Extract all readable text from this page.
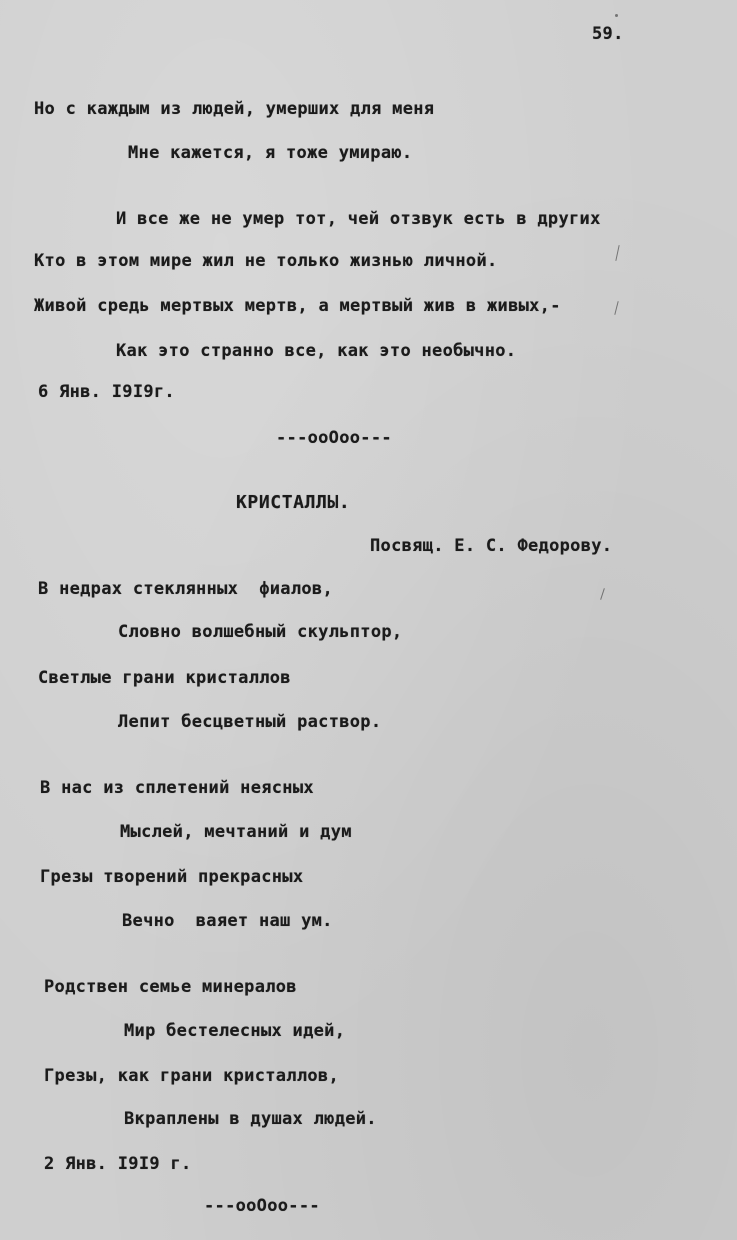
59.
Но с каждым из людей, умерших для меня
Мне кажется, я тоже умираю.
И все же не умер тот, чей отзвук есть в других
Кто в этом мире жил не только жизнью личной.
Живой средь мертвых мертв, а мертвый жив в живых,-
Как это странно все, как это необычно.
6 Янв. I9I9г.
---ooOoo---
КРИСТАЛЛЫ.
Посвящ. Е. С. Федорову.
В недрах стеклянных  фиалов,
Словно волшебный скульптор,
Светлые грани кристаллов
Лепит бесцветный раствор.
В нас из сплетений неясных
Мыслей, мечтаний и дум
Грезы творений прекрасных
Вечно  ваяет наш ум.
Родствен семье минералов
Мир бестелесных идей,
Грезы, как грани кристаллов,
Вкраплены в душах людей.
2 Янв. I9I9 г.
---ooOoo---
